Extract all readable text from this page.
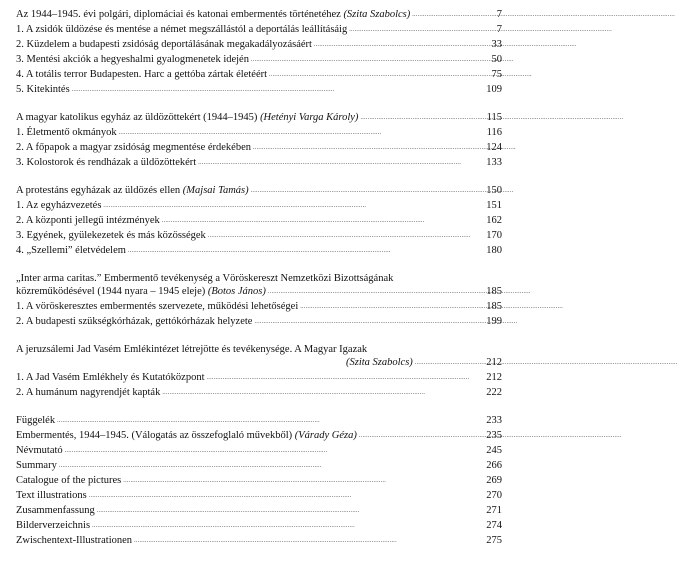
Az 1944–1945. évi polgári, diplomáciai és katonai embermentés történetéhez (Szita Szabolcs) . . .	7
1. A zsidók üldözése és mentése a német megszállástól a deportálás leállításáig . . .	7
2. Küzdelem a budapesti zsidóság deportálásának megakadályozásáért . . .	33
3. Mentési akciók a hegyeshalmi gyalogmenetek idején . . .	50
4. A totális terror Budapesten. Harc a gettóba zártak életéért . . .	75
5. Kitekintés . . .	109
A magyar katolikus egyház az üldözöttekért (1944–1945) (Hetényi Varga Károly) . . .	115
1. Életmentő okmányok . . .	116
2. A főpapok a magyar zsidóság megmentése érdekében . . .	124
3. Kolostorok és rendházak a üldözöttekért . . .	133
A protestáns egyházak az üldözés ellen (Majsai Tamás) . . .	150
1. Az egyházvezetés . . .	151
2. A központi jellegű intézmények . . .	162
3. Egyének, gyülekezetek és más közösségek . . .	170
4. „Szellemi” életvédelem . . .	180
„Inter arma caritas.” Embermentő tevékenység a Vöröskereszt Nemzetközi Bizottságának
közreműködésével (1944 nyara – 1945 eleje) (Botos János) . . .	185
1. A vöröskeresztes embermentés szervezete, működési lehetőségei . . .	185
2. A budapesti szükségkórházak, gettókórházak helyzete . . .	199
A jeruzsálemi Jad Vasém Emlékintézet létrejötte és tevékenysége. A Magyar Igazak
(Szita Szabolcs) . . .	212
1. A Jad Vasém Emlékhely és Kutatóközpont . . .	212
2. A humánum nagyrendjét kapták . . .	222
Függelék . . .	233
Embermentés, 1944–1945. (Válogatás az összefoglaló művekből) (Várady Géza) . . .	235
Névmutató . . .	245
Summary . . .	266
Catalogue of the pictures . . .	269
Text illustrations . . .	270
Zusammenfassung . . .	271
Bilderverzeichnis . . .	274
Zwischentext-Illustrationen . . .	275
